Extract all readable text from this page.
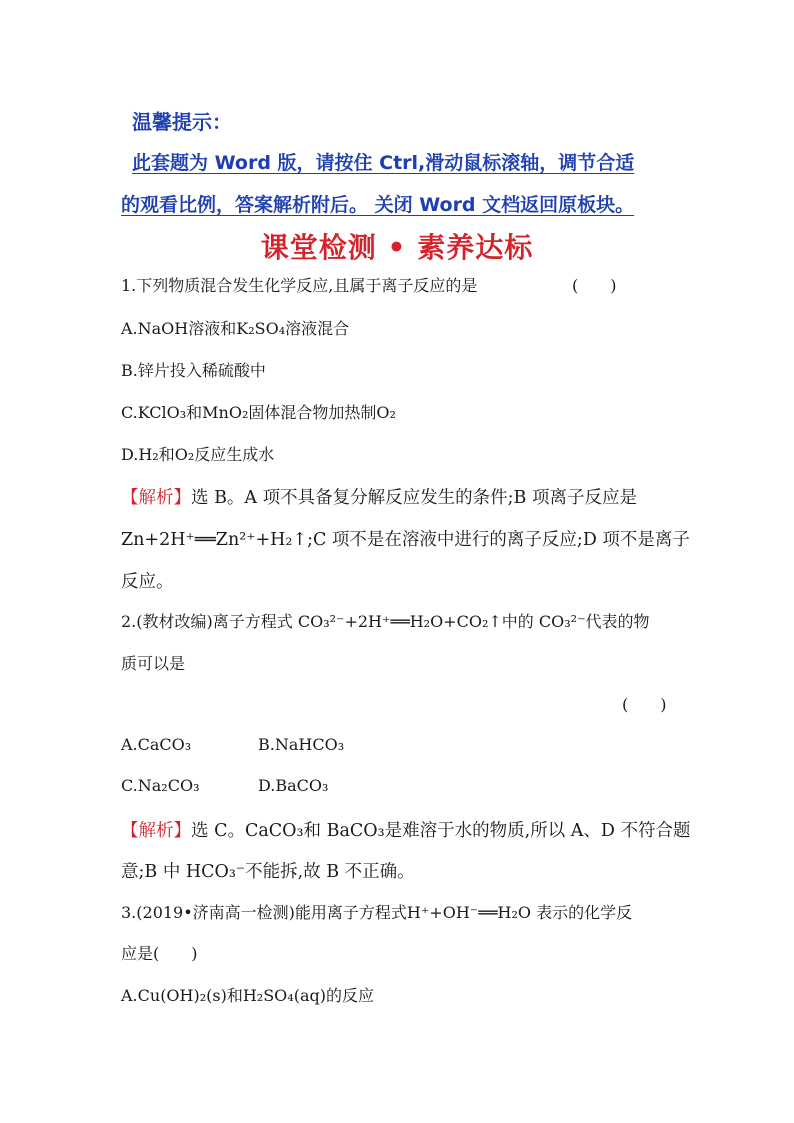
温馨提示：
此套题为 Word 版，请按住 Ctrl,滑动鼠标滚轴，调节合适
的观看比例，答案解析附后。 关闭 Word 文档返回原板块。
课堂检测 • 素养达标
1.下列物质混合发生化学反应,且属于离子反应的是	(　　)
A.NaOH溶液和K₂SO₄溶液混合
B.锌片投入稀硫酸中
C.KClO₃和MnO₂固体混合物加热制O₂
D.H₂和O₂反应生成水
【解析】选 B。A 项不具备复分解反应发生的条件;B 项离子反应是
Zn+2H⁺══Zn²⁺+H₂↑;C 项不是在溶液中进行的离子反应;D 项不是离子
反应。
2.(教材改编)离子方程式 CO₃²⁻+2H⁺══H₂O+CO₂↑中的 CO₃²⁻代表的物
质可以是
(　　)
A.CaCO₃	B.NaHCO₃
C.Na₂CO₃	D.BaCO₃
【解析】选 C。CaCO₃和 BaCO₃是难溶于水的物质,所以 A、D 不符合题
意;B 中 HCO₃⁻不能拆,故 B 不正确。
3.(2019•济南高一检测)能用离子方程式H⁺+OH⁻══H₂O 表示的化学反
应是(　　)
A.Cu(OH)₂(s)和H₂SO₄(aq)的反应
